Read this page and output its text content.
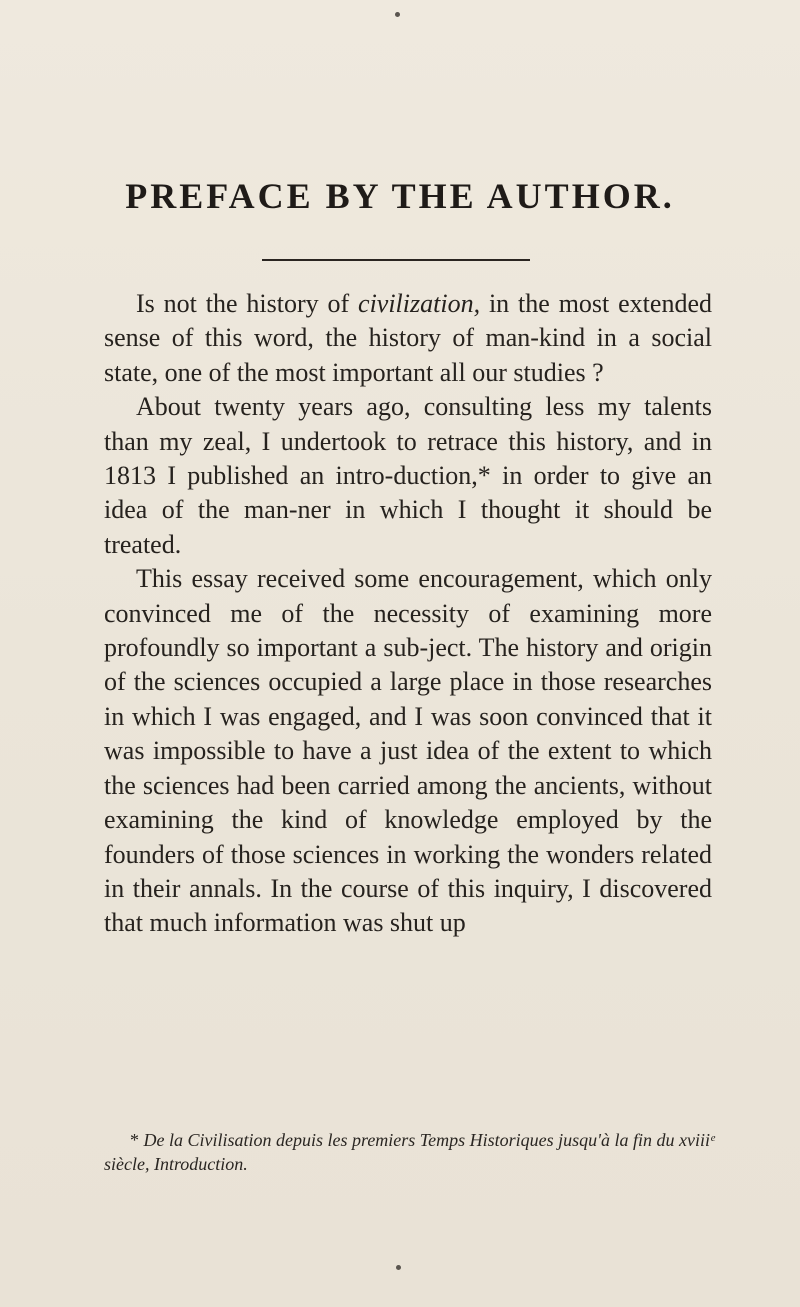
PREFACE BY THE AUTHOR.

Is not the history of civilization, in the most extended sense of this word, the history of man-kind in a social state, one of the most important all our studies ?

About twenty years ago, consulting less my talents than my zeal, I undertook to retrace this history, and in 1813 I published an intro-duction,* in order to give an idea of the man-ner in which I thought it should be treated.

This essay received some encouragement, which only convinced me of the necessity of examining more profoundly so important a sub-ject. The history and origin of the sciences occupied a large place in those researches in which I was engaged, and I was soon convinced that it was impossible to have a just idea of the extent to which the sciences had been carried among the ancients, without examining the kind of knowledge employed by the founders of those sciences in working the wonders related in their annals. In the course of this inquiry, I discovered that much information was shut up

* De la Civilisation depuis les premiers Temps Historiques jusqu'à la fin du xviiiᵉ siècle, Introduction.
